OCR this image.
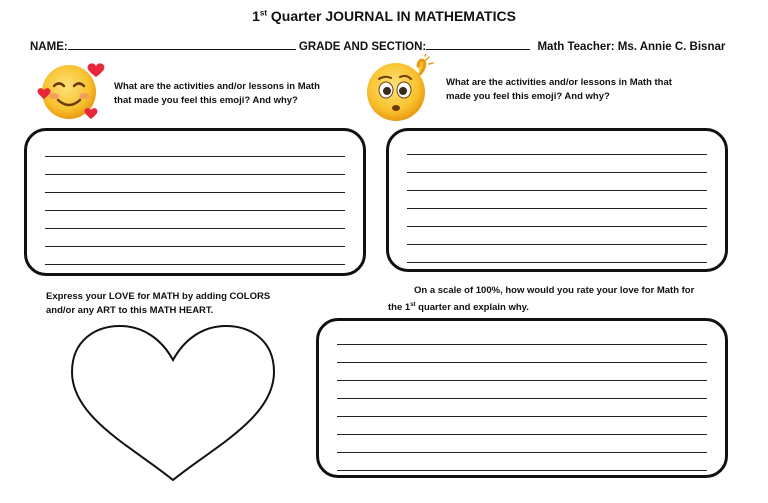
1st Quarter JOURNAL IN MATHEMATICS
NAME:	GRADE AND SECTION:	Math Teacher: Ms. Annie C. Bisnar
What are the activities and/or lessons in Math
that made you feel this emoji? And why?
What are the activities and/or lessons in Math that
made you feel this emoji? And why?
Express your LOVE for MATH by adding COLORS
and/or any ART to this MATH HEART.
On a scale of 100%, how would you rate your love for Math for
the 1st quarter and explain why.
